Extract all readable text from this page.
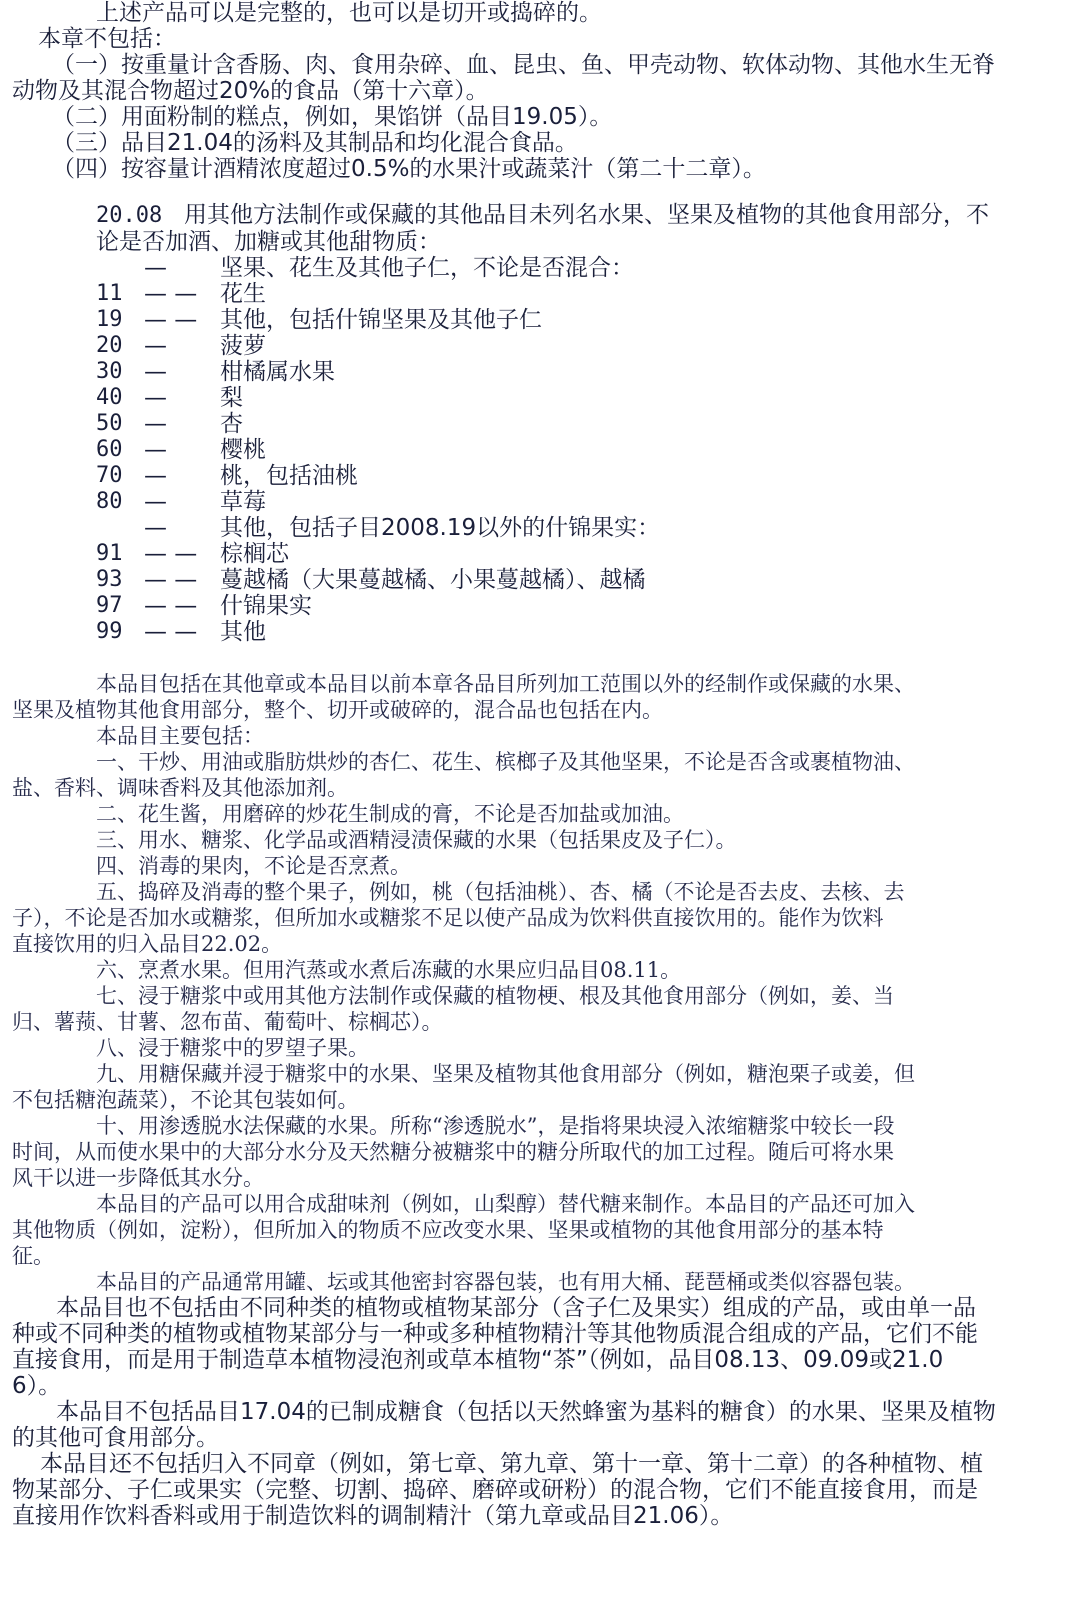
上述产品可以是完整的，也可以是切开或捣碎的。

本章不包括：

（一）按重量计含香肠、肉、食用杂碎、血、昆虫、鱼、甲壳动物、软体动物、其他水生无脊

动物及其混合物超过20%的食品（第十六章）。

（二）用面粉制的糕点，例如，果馅饼（品目19.05）。

（三）品目21.04的汤料及其制品和均化混合食品。

（四）按容量计酒精浓度超过0.5%的水果汁或蔬菜汁（第二十二章）。

20.08 用其他方法制作或保藏的其他品目未列名水果、坚果及植物的其他食用部分，不

论是否加酒、加糖或其他甜物质：

—	坚果、花生及其他子仁，不论是否混合：
11 — — 花生
19 — — 其他，包括什锦坚果及其他子仁
20 —	菠萝
30 —	柑橘属水果
40 —	梨
50 —	杏
60 —	樱桃
70 —	桃，包括油桃
80 —	草莓
—	其他，包括子目2008.19以外的什锦果实：
91 — — 棕榈芯
93 — — 蔓越橘（大果蔓越橘、小果蔓越橘）、越橘
97 — — 什锦果实
99 — — 其他

本品目包括在其他章或本品目以前本章各品目所列加工范围以外的经制作或保藏的水果、

坚果及植物其他食用部分，整个、切开或破碎的，混合品也包括在内。

本品目主要包括：

一、干炒、用油或脂肪烘炒的杏仁、花生、槟榔子及其他坚果，不论是否含或裹植物油、

盐、香料、调味香料及其他添加剂。

二、花生酱，用磨碎的炒花生制成的膏，不论是否加盐或加油。

三、用水、糖浆、化学品或酒精浸渍保藏的水果（包括果皮及子仁）。

四、消毒的果肉，不论是否烹煮。

五、捣碎及消毒的整个果子，例如，桃（包括油桃）、杏、橘（不论是否去皮、去核、去

子），不论是否加水或糖浆，但所加水或糖浆不足以使产品成为饮料供直接饮用的。能作为饮料

直接饮用的归入品目22.02。

六、烹煮水果。但用汽蒸或水煮后冻藏的水果应归品目08.11。

七、浸于糖浆中或用其他方法制作或保藏的植物梗、根及其他食用部分（例如，姜、当

归、薯蓣、甘薯、忽布苗、葡萄叶、棕榈芯）。

八、浸于糖浆中的罗望子果。

九、用糖保藏并浸于糖浆中的水果、坚果及植物其他食用部分（例如，糖泡栗子或姜，但

不包括糖泡蔬菜），不论其包装如何。

十、用渗透脱水法保藏的水果。所称“渗透脱水”，是指将果块浸入浓缩糖浆中较长一段

时间，从而使水果中的大部分水分及天然糖分被糖浆中的糖分所取代的加工过程。随后可将水果

风干以进一步降低其水分。

本品目的产品可以用合成甜味剂（例如，山梨醇）替代糖来制作。本品目的产品还可加入

其他物质（例如，淀粉），但所加入的物质不应改变水果、坚果或植物的其他食用部分的基本特

征。

本品目的产品通常用罐、坛或其他密封容器包装，也有用大桶、琵琶桶或类似容器包装。

本品目也不包括由不同种类的植物或植物某部分（含子仁及果实）组成的产品，或由单一品

种或不同种类的植物或植物某部分与一种或多种植物精汁等其他物质混合组成的产品，它们不能

直接食用，而是用于制造草本植物浸泡剂或草本植物“茶”（例如，品目08.13、09.09或21.0

6）。

本品目不包括品目17.04的已制成糖食（包括以天然蜂蜜为基料的糖食）的水果、坚果及植物

的其他可食用部分。

本品目还不包括归入不同章（例如，第七章、第九章、第十一章、第十二章）的各种植物、植

物某部分、子仁或果实（完整、切割、捣碎、磨碎或研粉）的混合物，它们不能直接食用，而是

直接用作饮料香料或用于制造饮料的调制精汁（第九章或品目21.06）。
